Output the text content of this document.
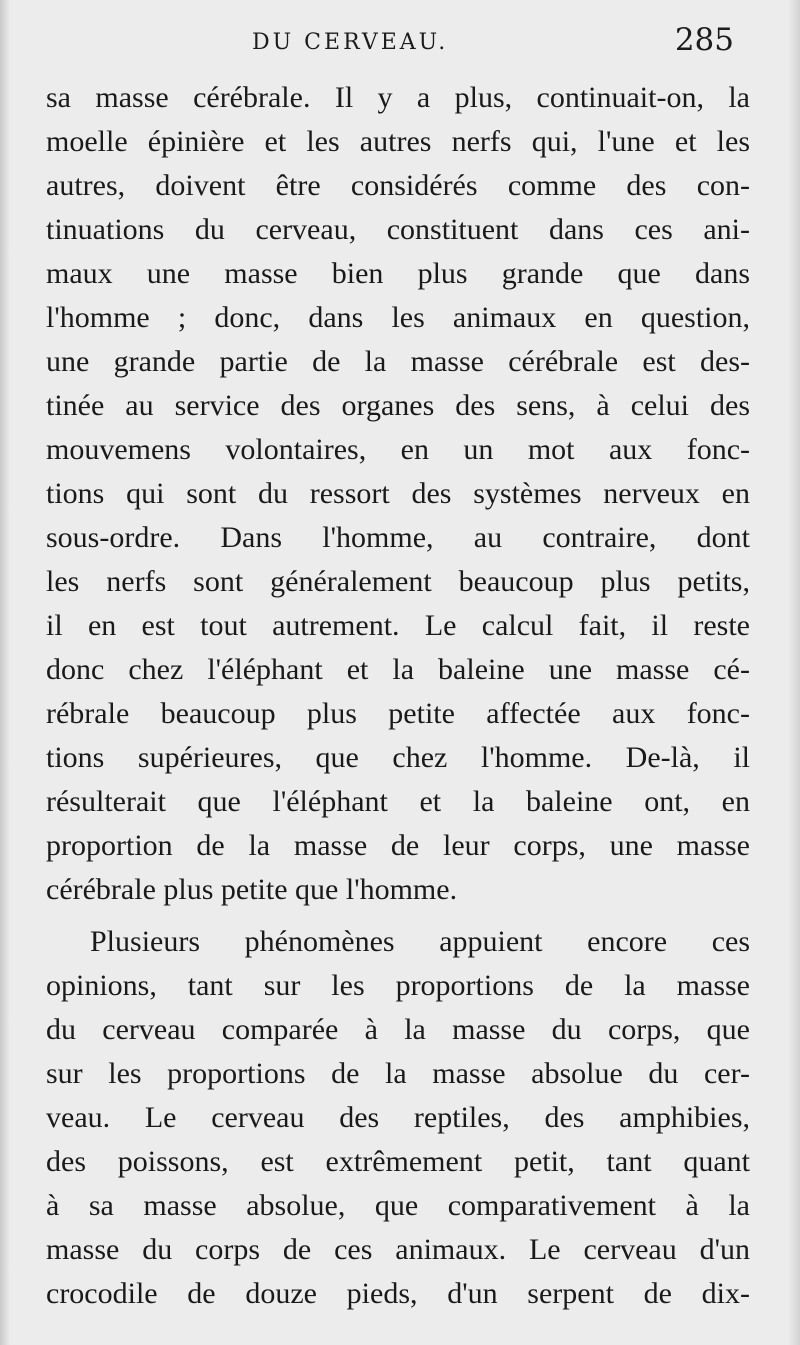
DU CERVEAU.	285
sa masse cérébrale. Il y a plus, continuait-on, la
moelle épinière et les autres nerfs qui, l'une et les
autres, doivent être considérés comme des con-
tinuations du cerveau, constituent dans ces ani-
maux une masse bien plus grande que dans
l'homme ; donc, dans les animaux en question,
une grande partie de la masse cérébrale est des-
tinée au service des organes des sens, à celui des
mouvemens volontaires, en un mot aux fonc-
tions qui sont du ressort des systèmes nerveux en
sous-ordre. Dans l'homme, au contraire, dont
les nerfs sont généralement beaucoup plus petits,
il en est tout autrement. Le calcul fait, il reste
donc chez l'éléphant et la baleine une masse cé-
rébrale beaucoup plus petite affectée aux fonc-
tions supérieures, que chez l'homme. De-là, il
résulterait que l'éléphant et la baleine ont, en
proportion de la masse de leur corps, une masse
cérébrale plus petite que l'homme.
Plusieurs phénomènes appuient encore ces
opinions, tant sur les proportions de la masse
du cerveau comparée à la masse du corps, que
sur les proportions de la masse absolue du cer-
veau. Le cerveau des reptiles, des amphibies,
des poissons, est extrêmement petit, tant quant
à sa masse absolue, que comparativement à la
masse du corps de ces animaux. Le cerveau d'un
crocodile de douze pieds, d'un serpent de dix-
